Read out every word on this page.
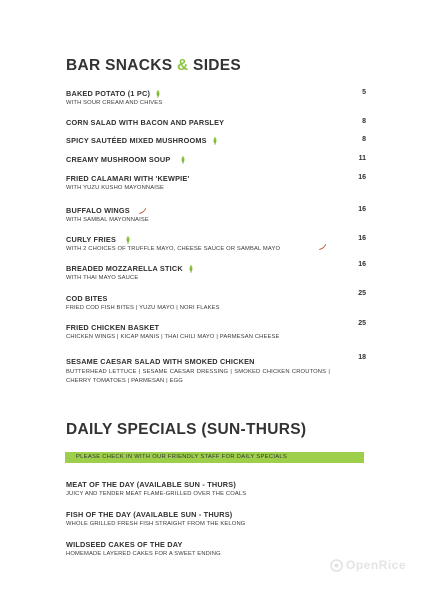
BAR SNACKS & SIDES
BAKED POTATO (1 PC)
WITH SOUR CREAM AND CHIVES
5
CORN SALAD WITH BACON AND PARSLEY	8
SPICY SAUTÉED MIXED MUSHROOMS	8
CREAMY MUSHROOM SOUP	11
FRIED CALAMARI WITH 'KEWPIE'
WITH YUZU KUSHO MAYONNAISE
16
BUFFALO WINGS
WITH SAMBAL MAYONNAISE
16
CURLY FRIES
WITH 2 CHOICES OF TRUFFLE MAYO, CHEESE SAUCE OR SAMBAL MAYO
16
BREADED MOZZARELLA STICK
WITH THAI MAYO SAUCE
16
COD BITES
FRIED COD FISH BITES | YUZU MAYO | NORI FLAKES
25
FRIED CHICKEN BASKET
CHICKEN WINGS | KICAP MANIS | THAI CHILI MAYO | PARMESAN CHEESE
25
SESAME CAESAR SALAD WITH SMOKED CHICKEN
BUTTERHEAD LETTUCE | SESAME CAESAR DRESSING | SMOKED CHICKEN CROUTONS | CHERRY TOMATOES | PARMESAN | EGG
18
DAILY SPECIALS (SUN-THURS)
PLEASE CHECK IN WITH OUR FRIENDLY STAFF FOR DAILY SPECIALS
MEAT OF THE DAY (AVAILABLE SUN - THURS)
JUICY AND TENDER MEAT FLAME-GRILLED OVER THE COALS
FISH OF THE DAY (AVAILABLE SUN - THURS)
WHOLE GRILLED FRESH FISH STRAIGHT FROM THE KELONG
WILDSEED CAKES OF THE DAY
HOMEMADE LAYERED CAKES FOR A SWEET ENDING
OpenRice
